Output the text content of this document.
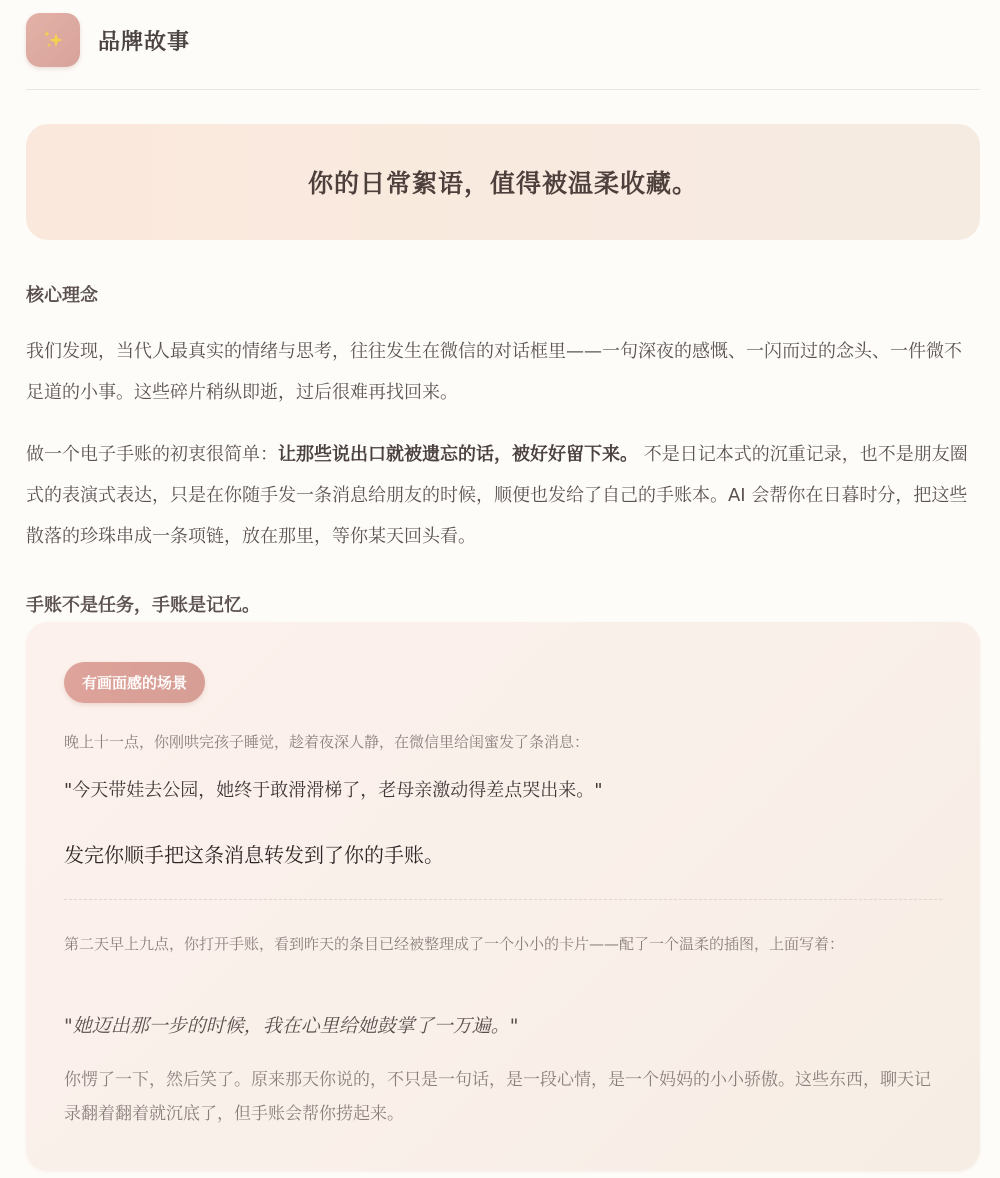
品牌故事
你的日常絮语，值得被温柔收藏。
核心理念
我们发现，当代人最真实的情绪与思考，往往发生在微信的对话框里——一句深夜的感慨、一闪而过的念头、一件微不足道的小事。这些碎片稍纵即逝，过后很难再找回来。
做一个电子手账的初衷很简单：让那些说出口就被遗忘的话，被好好留下来。 不是日记本式的沉重记录，也不是朋友圈式的表演式表达，只是在你随手发一条消息给朋友的时候，顺便也发给了自己的手账本。AI 会帮你在日暮时分，把这些散落的珍珠串成一条项链，放在那里，等你某天回头看。
手账不是任务，手账是记忆。
有画面感的场景
晚上十一点，你刚哄完孩子睡觉，趁着夜深人静，在微信里给闺蜜发了条消息：
"今天带娃去公园，她终于敢滑滑梯了，老母亲激动得差点哭出来。"
发完你顺手把这条消息转发到了你的手账。
第二天早上九点，你打开手账，看到昨天的条目已经被整理成了一个小小的卡片——配了一个温柔的插图，上面写着：
"她迈出那一步的时候，我在心里给她鼓掌了一万遍。"
你愣了一下，然后笑了。原来那天你说的，不只是一句话，是一段心情，是一个妈妈的小小骄傲。这些东西，聊天记录翻着翻着就沉底了，但手账会帮你捞起来。
